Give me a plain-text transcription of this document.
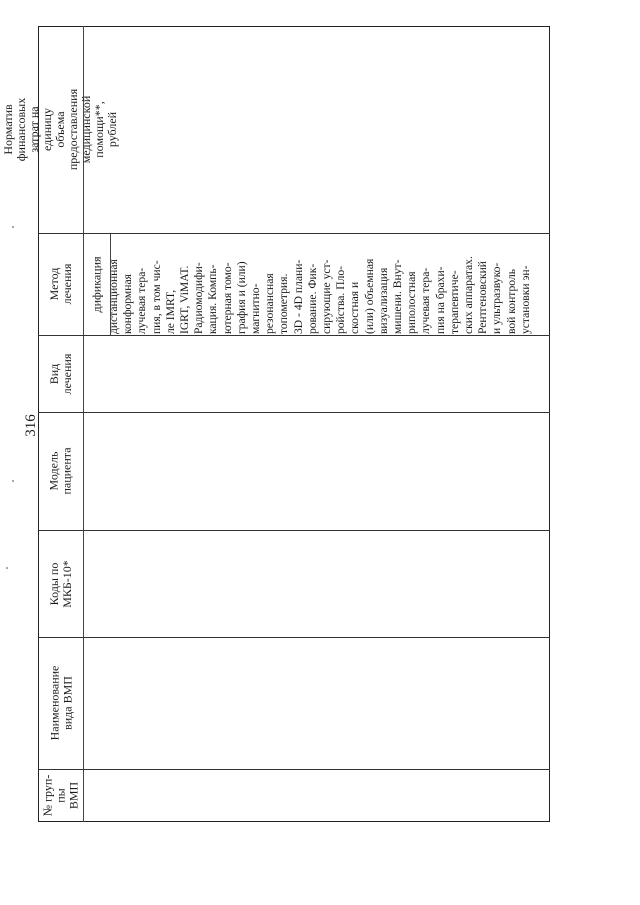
316
Норматив финансовых затрат на
единицу объема предоставления
медицинской помощи**, рублей
Метод лечения
Вид лечения
Модель пациента
Коды по
МКБ-10*
Наименование
вида ВМП
№ груп-
пы
ВМП
дификация дистанционная
конформная
лучевая тера-
пия, в том чис-
ле IMRT,
IGRT, ViMAT.
Радиомодифи-
кация. Компь-
ютерная томо-
графия и (или)
магнитно-
резонансная
топометрия.
3D - 4D плани-
рование. Фик-
сирующие уст-
ройства. Пло-
скостная и
(или) объемная
визуализация
мишени. Внут-
риполостная
лучевая тера-
пия на брахи-
терапевтиче-
ских аппаратах.
Рентгеновский
и ультразвуко-
вой контроль
установки эн-
